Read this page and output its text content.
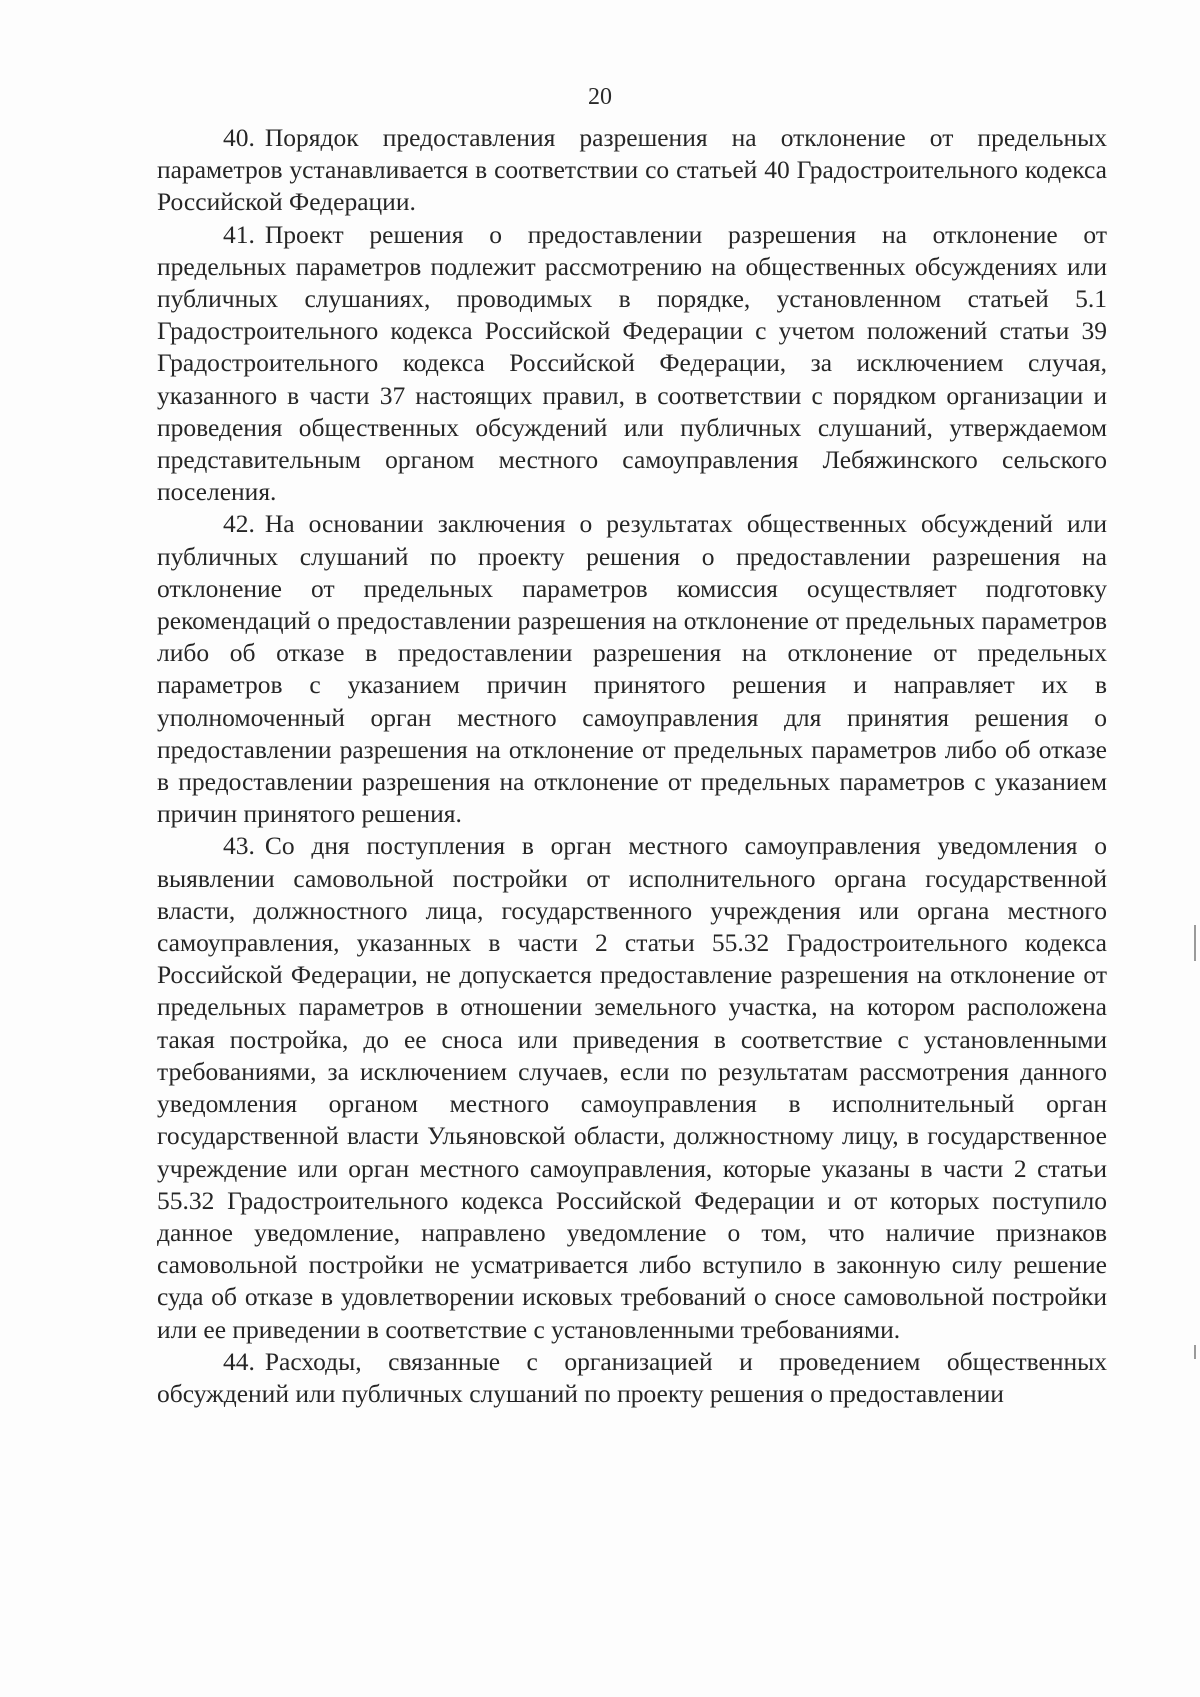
20

40. Порядок предоставления разрешения на отклонение от предельных параметров устанавливается в соответствии со статьей 40 Градостроительного кодекса Российской Федерации.

41. Проект решения о предоставлении разрешения на отклонение от предельных параметров подлежит рассмотрению на общественных обсуждениях или публичных слушаниях, проводимых в порядке, установленном статьей 5.1 Градостроительного кодекса Российской Федерации с учетом положений статьи 39 Градостроительного кодекса Российской Федерации, за исключением случая, указанного в части 37 настоящих правил, в соответствии с порядком организации и проведения общественных обсуждений или публичных слушаний, утверждаемом представительным органом местного самоуправления Лебяжинского сельского поселения.

42. На основании заключения о результатах общественных обсуждений или публичных слушаний по проекту решения о предоставлении разрешения на отклонение от предельных параметров комиссия осуществляет подготовку рекомендаций о предоставлении разрешения на отклонение от предельных параметров либо об отказе в предоставлении разрешения на отклонение от предельных параметров с указанием причин принятого решения и направляет их в уполномоченный орган местного самоуправления для принятия решения о предоставлении разрешения на отклонение от предельных параметров либо об отказе в предоставлении разрешения на отклонение от предельных параметров с указанием причин принятого решения.

43. Со дня поступления в орган местного самоуправления уведомления о выявлении самовольной постройки от исполнительного органа государственной власти, должностного лица, государственного учреждения или органа местного самоуправления, указанных в части 2 статьи 55.32 Градостроительного кодекса Российской Федерации, не допускается предоставление разрешения на отклонение от предельных параметров в отношении земельного участка, на котором расположена такая постройка, до ее сноса или приведения в соответствие с установленными требованиями, за исключением случаев, если по результатам рассмотрения данного уведомления органом местного самоуправления в исполнительный орган государственной власти Ульяновской области, должностному лицу, в государственное учреждение или орган местного самоуправления, которые указаны в части 2 статьи 55.32 Градостроительного кодекса Российской Федерации и от которых поступило данное уведомление, направлено уведомление о том, что наличие признаков самовольной постройки не усматривается либо вступило в законную силу решение суда об отказе в удовлетворении исковых требований о сносе самовольной постройки или ее приведении в соответствие с установленными требованиями.

44. Расходы, связанные с организацией и проведением общественных обсуждений или публичных слушаний по проекту решения о предоставлении
